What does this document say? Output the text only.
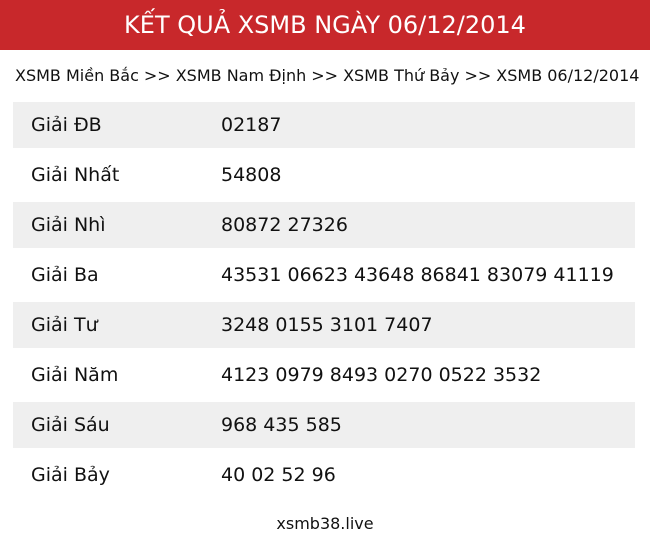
KẾT QUẢ XSMB NGÀY 06/12/2014
XSMB Miền Bắc >> XSMB Nam Định >> XSMB Thứ Bảy >> XSMB 06/12/2014
Giải ĐB	02187
Giải Nhất	54808
Giải Nhì	80872 27326
Giải Ba	43531 06623 43648 86841 83079 41119
Giải Tư	3248 0155 3101 7407
Giải Năm	4123 0979 8493 0270 0522 3532
Giải Sáu	968 435 585
Giải Bảy	40 02 52 96
xsmb38.live
